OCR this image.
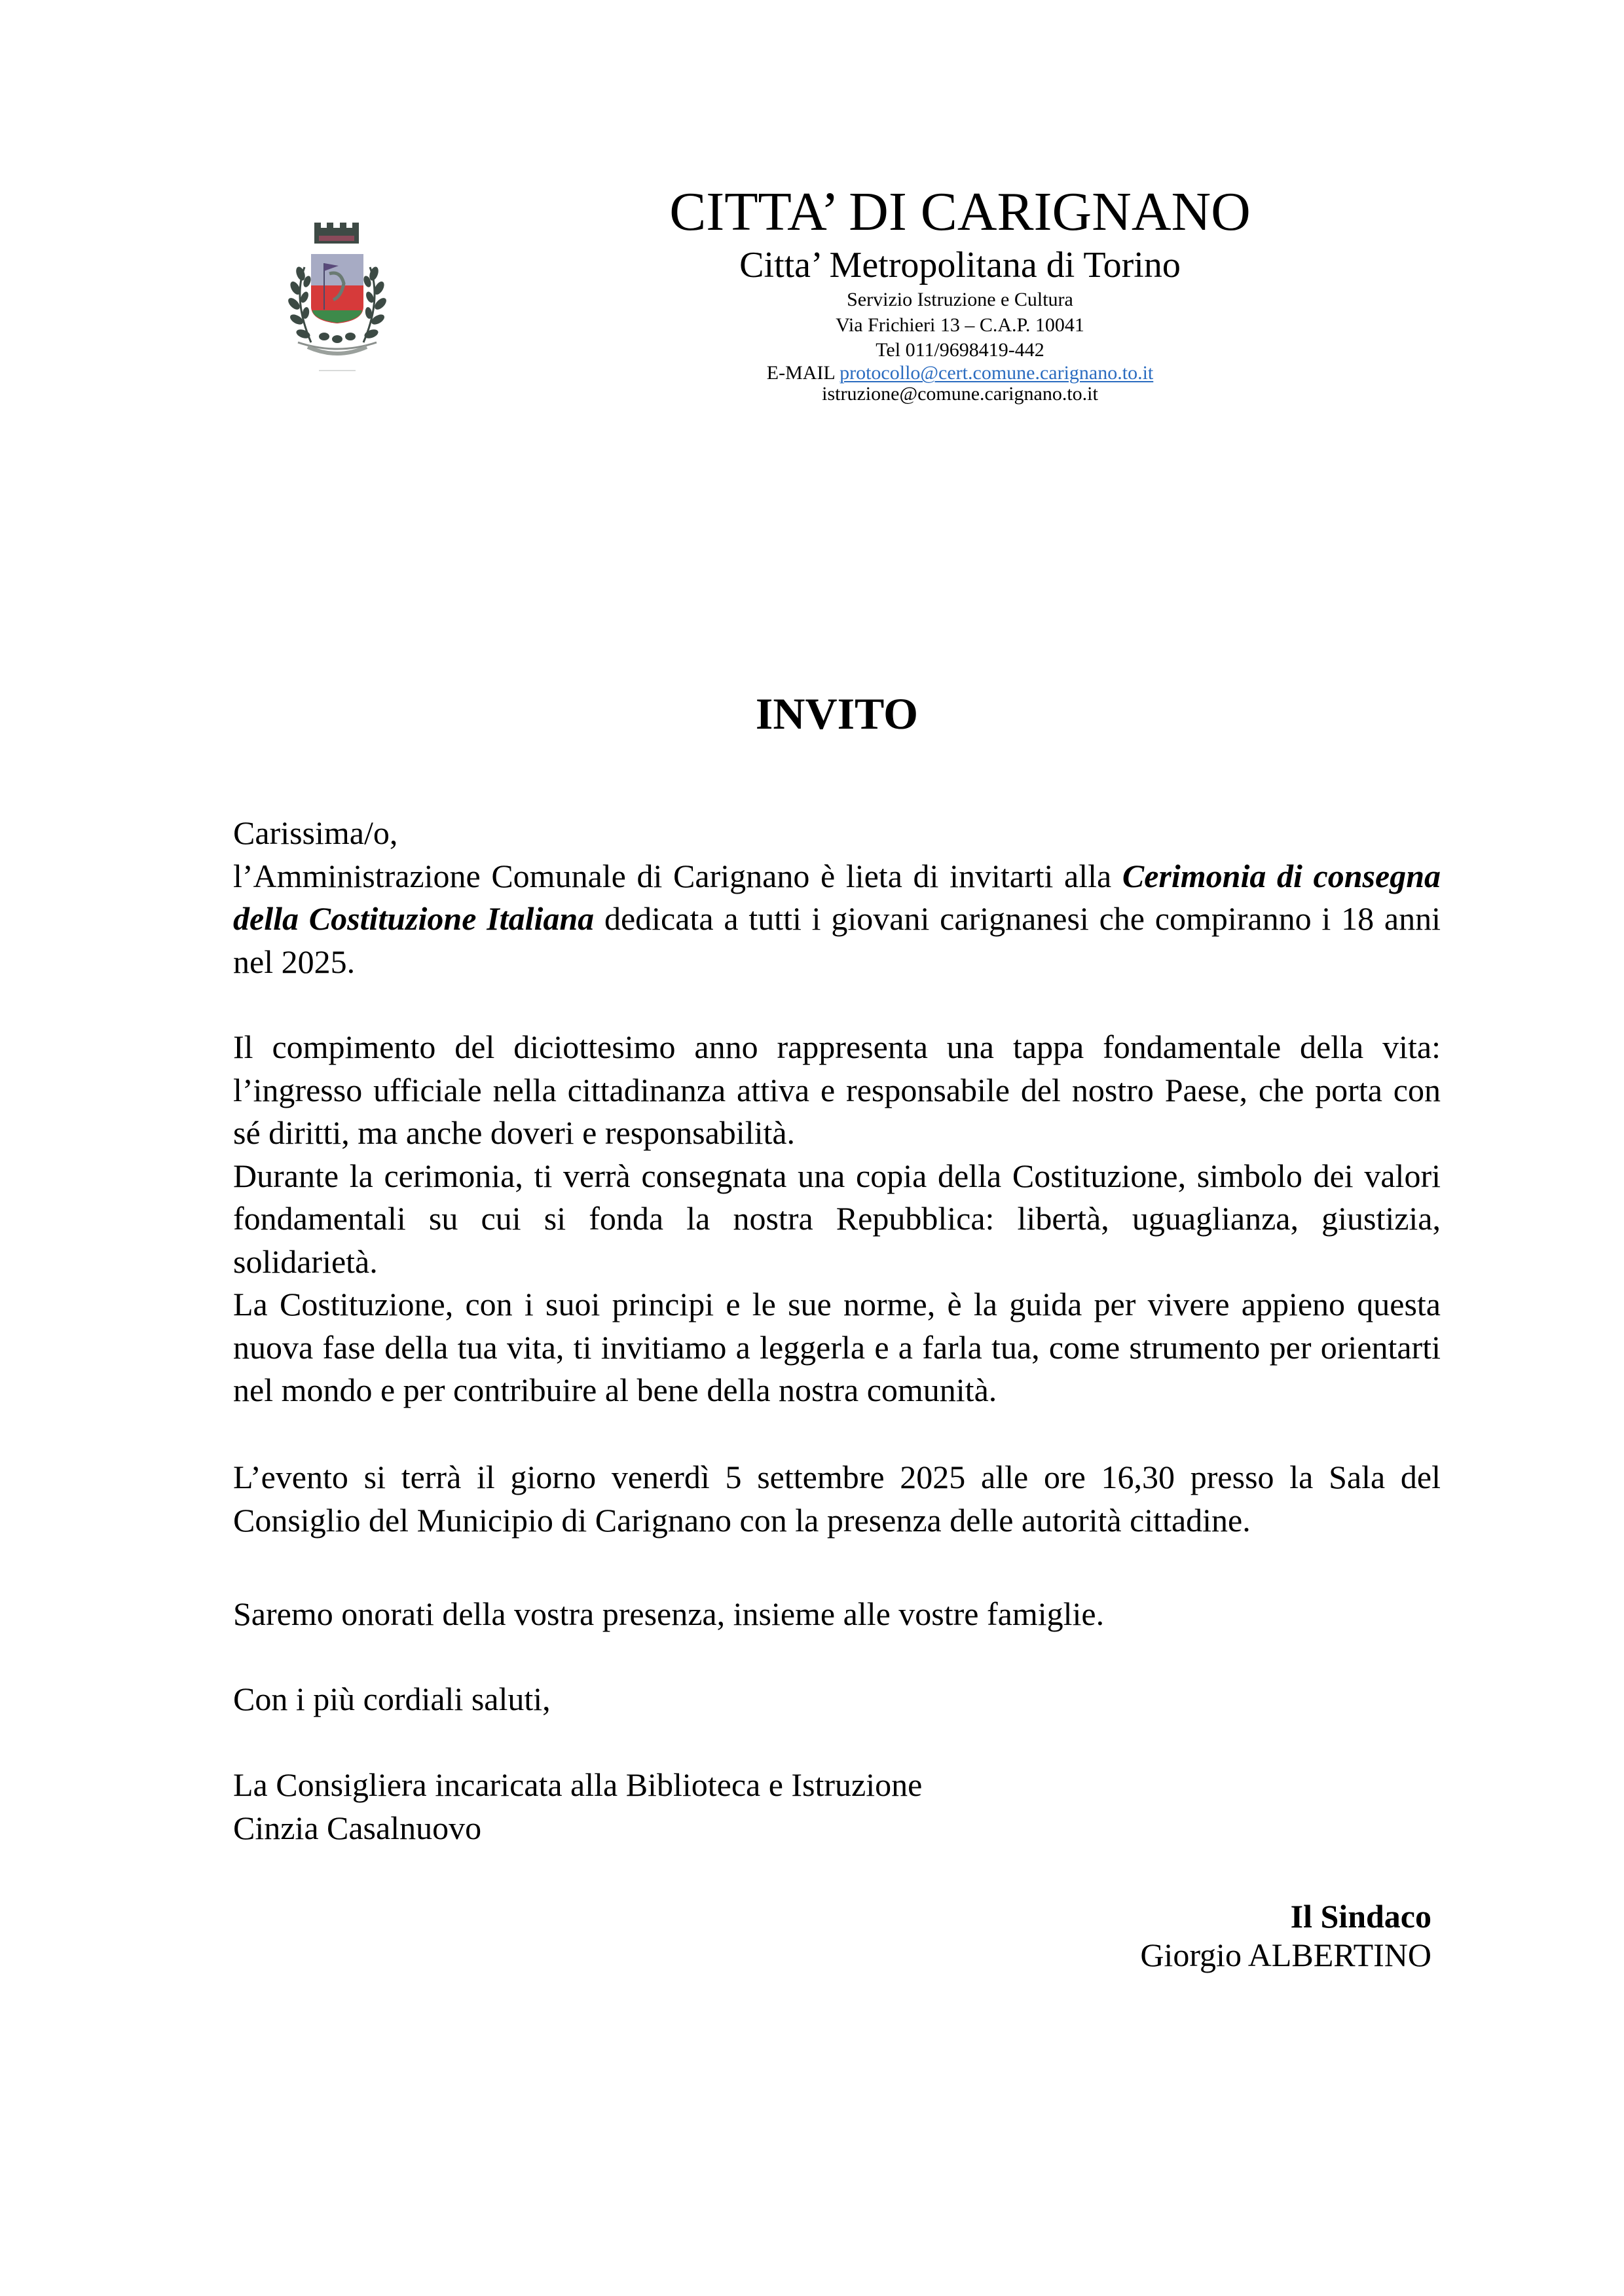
CITTA’ DI CARIGNANO
Citta’ Metropolitana di Torino
Servizio Istruzione e Cultura
Via Frichieri 13 – C.A.P. 10041
Tel 011/9698419-442
E-MAIL protocollo@cert.comune.carignano.to.it
istruzione@comune.carignano.to.it
INVITO

Carissima/o,

l’Amministrazione Comunale di Carignano è lieta di invitarti alla Cerimonia di consegna della Costituzione Italiana dedicata a tutti i giovani carignanesi che compiranno i 18 anni nel 2025.

Il compimento del diciottesimo anno rappresenta una tappa fondamentale della vita: l’ingresso ufficiale nella cittadinanza attiva e responsabile del nostro Paese, che porta con sé diritti, ma anche doveri e responsabilità.

Durante la cerimonia, ti verrà consegnata una copia della Costituzione, simbolo dei valori fondamentali su cui si fonda la nostra Repubblica: libertà, uguaglianza, giustizia, solidarietà.

La Costituzione, con i suoi principi e le sue norme, è la guida per vivere appieno questa nuova fase della tua vita, ti invitiamo a leggerla e a farla tua, come strumento per orientarti nel mondo e per contribuire al bene della nostra comunità.

L’evento si terrà il giorno venerdì 5 settembre 2025 alle ore 16,30 presso la Sala del Consiglio del Municipio di Carignano con la presenza delle autorità cittadine.

Saremo onorati della vostra presenza, insieme alle vostre famiglie.

Con i più cordiali saluti,

La Consigliera incaricata alla Biblioteca e Istruzione

Cinzia Casalnuovo

Il Sindaco
Giorgio ALBERTINO
